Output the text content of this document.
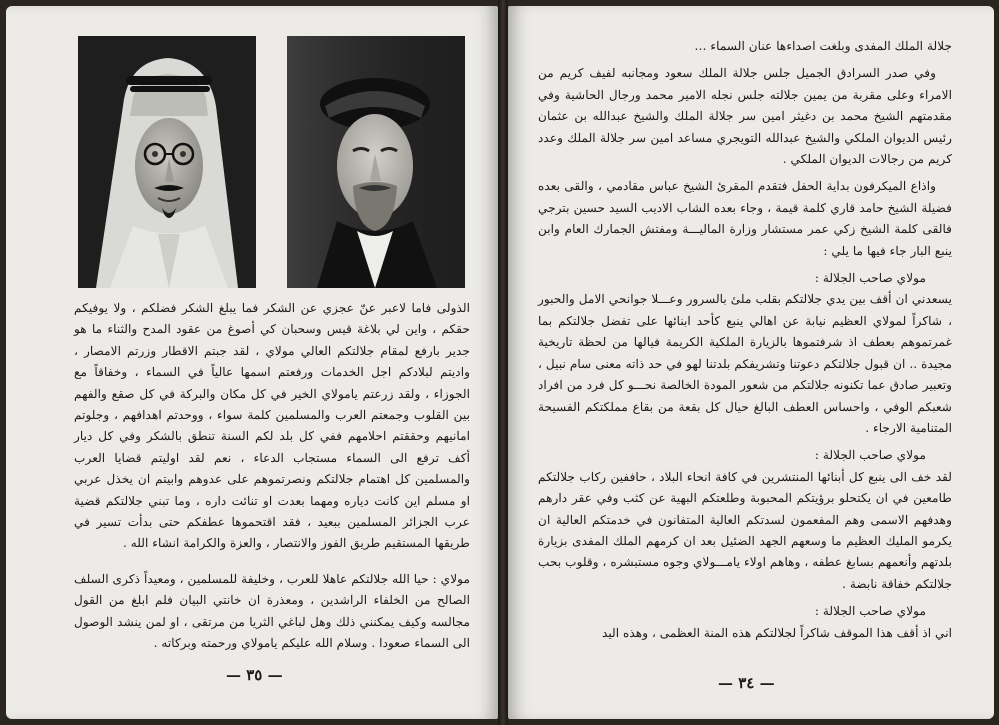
الذولى فاما لاعبر عنّ عجزي عن الشكر فما يبلغ الشكر فضلكم ، ولا يوفيكم حقكم ، واين لي بلاغة قيس وسحبان كي أصوغ من عقود المدح والثناء ما هو جدير بارفع لمقام جلالتكم العالي مولاي ، لقد جبتم الاقطار وزرتم الامصار ، واديتم لبلادكم اجل الخدمات ورفعتم اسمها عالياً في السماء ، وخفاقاً مع الجوزاء ، ولقد زرعتم يامولاي الخير في كل مكان والبركة في كل صقع والفهم بين القلوب وجمعتم العرب والمسلمين كلمة سواء ، ووحدتم اهدافهم ، وجلوتم امانيهم وحققتم احلامهم ففي كل بلد لكم السنة تنطق بالشكر وفي كل ديار أكف ترفع الى السماء مستجاب الدعاء ، نعم لقد اوليتم قضايا العرب والمسلمين كل اهتمام جلالتكم ونصرتموهم على عدوهم وابيتم ان يخذل عربي او مسلم اين كانت دياره ومهما بعدت او تنائت داره ، وما تبني جلالتكم قضية عرب الجزائر المسلمين ببعيد ، فقد اقتحموها عطفكم حتى بدأت تسير في طريقها المستقيم طريق الفوز والانتصار ، والعزة والكرامة انشاء الله .

مولاي : حيا الله جلالتكم عاهلا للعرب ، وخليفة للمسلمين ، ومعيداً ذكرى السلف الصالح من الخلفاء الراشدين ، ومعذرة ان خانتي البيان فلم ابلغ من القول مجالسه وكيف يمكنني ذلك وهل لباغي الثريا من مرتقى ، او لمن ينشد الوصول الى السماء صعودا . وسلام الله عليكم يامولاي ورحمته وبركاته .

— ٣٥ —

جلالة الملك المفدى وبلغت اصداءها عنان السماء …

وفي صدر السرادق الجميل جلس جلالة الملك سعود ومجانبه لفيف كريم من الامراء وعلى مقربة من يمين جلالته جلس نجله الامير محمد ورجال الحاشية وفي مقدمتهم الشيخ محمد بن دغيثر امين سر جلالة الملك والشيخ عبدالله بن عثمان رئيس الديوان الملكي والشيخ عبدالله التويجري مساعد امين سر جلالة الملك وعدد كريم من رجالات الديوان الملكي .

واذاع الميكرفون بداية الحفل فتقدم المقرئ الشيخ عباس مقادمي ، والقى بعده فضيلة الشيخ حامد قاري كلمة قيمة ، وجاء بعده الشاب الاديب السيد حسين بترجي فالقى كلمة الشيخ زكي عمر مستشار وزارة الماليـــة ومفتش الجمارك العام وابن ينبع البار جاء فيها ما يلي :

مولاي صاحب الجلالة :

يسعدني ان أقف بين يدي جلالتكم بقلب ملئ بالسرور وعـــلا جوانحي الامل والحبور ، شاكراً لمولاي العظيم نيابة عن اهالي ينبع كأحد ابنائها على تفضل جلالتكم بما غمرتموهم بعطف اذ شرفتموها بالزيارة الملكية الكريمة فيالها من لحظة تاريخية مجيدة .. ان قبول جلالتكم دعوتنا وتشريفكم بلدتنا لهو في حد ذاته معنى سام نبيل ، وتعبير صادق عما تكنونه جلالتكم من شعور المودة الخالصة نحـــو كل فرد من افراد شعبكم الوفي ، واحساس العطف البالغ حيال كل بقعة من بقاع مملكتكم الفسيحة المتنامية الارجاء .

مولاي صاحب الجلالة :

لقد خف الى ينبع كل أبنائها المنتشرين في كافة انحاء البلاد ، حاففين ركاب جلالتكم طامعين في ان يكتحلو برؤيتكم المحبوبة وطلعتكم البهية عن كثب وفي عقر دارهم وهدفهم الاسمى وهم المفعمون لسدتكم العالية المتفانون في خدمتكم العالية ان يكرمو المليك العظيم ما وسعهم الجهد الضئيل بعد ان كرمهم الملك المفدى بزيارة بلدتهم وأنعمهم بسابغ عطفه ، وهاهم اولاء يامـــولاي وجوه مستبشره ، وقلوب بحب جلالتكم خفاقة نابضة .

مولاي صاحب الجلالة :

اني اذ أقف هذا الموقف شاكراً لجلالتكم هذه المنة العظمى ، وهذه اليد

— ٣٤ —
